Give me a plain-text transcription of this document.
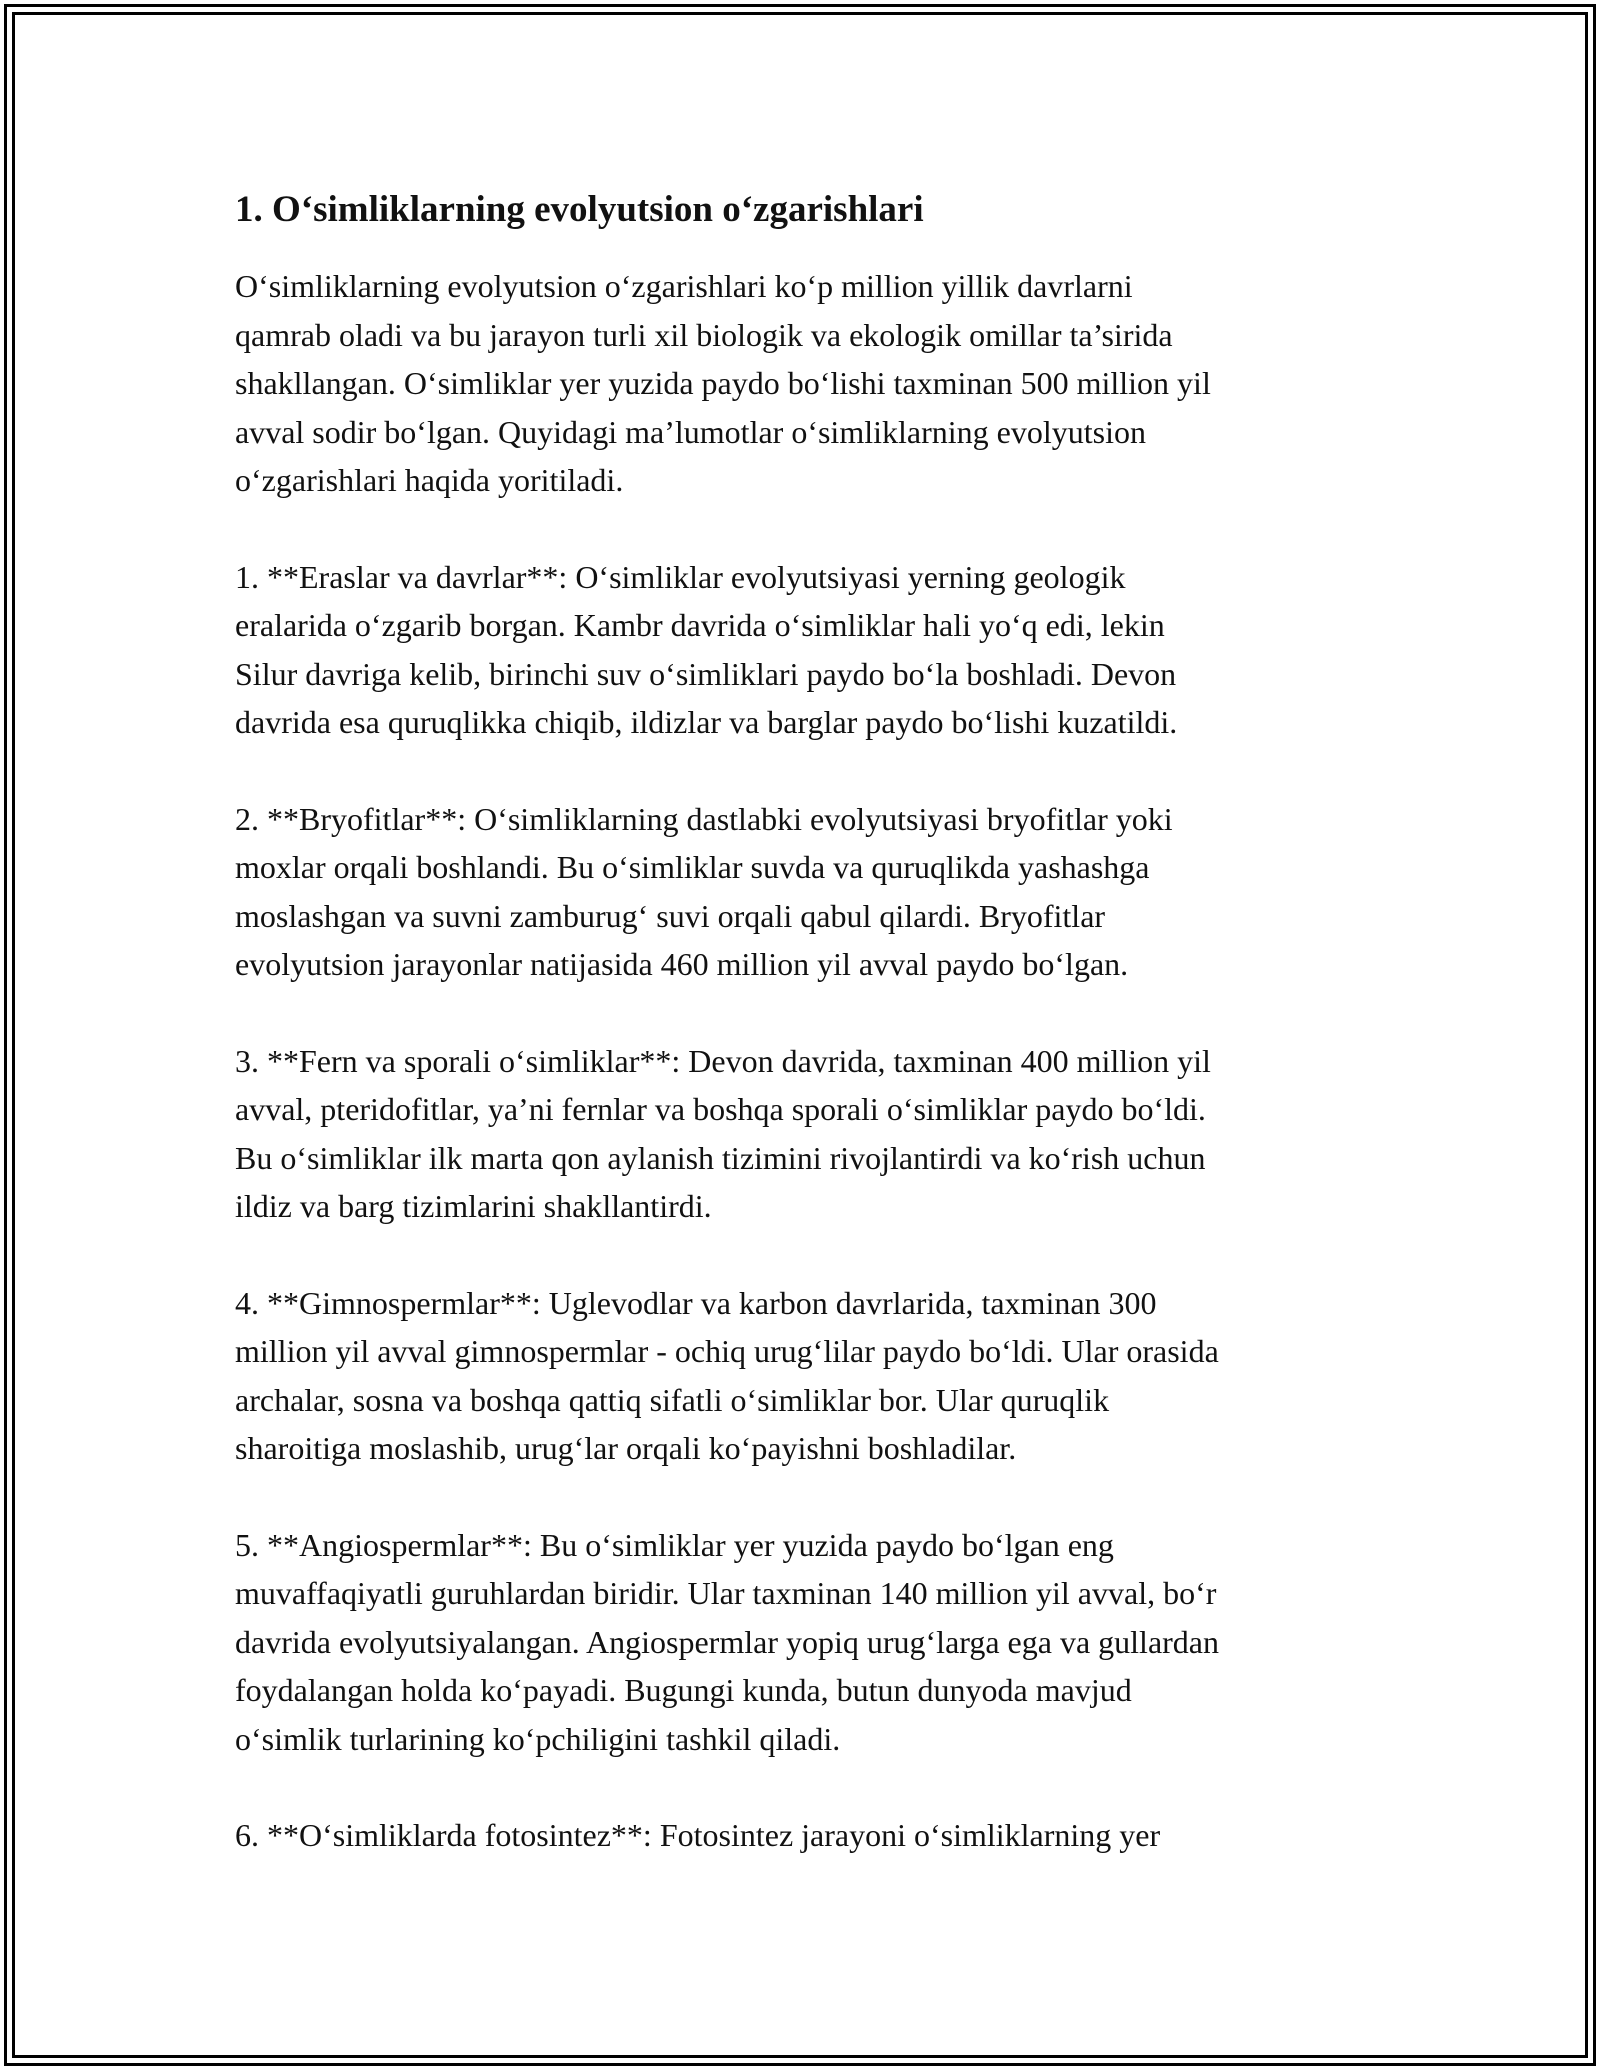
1. O‘simliklarning evolyutsion o‘zgarishlari
O‘simliklarning evolyutsion o‘zgarishlari ko‘p million yillik davrlarni
qamrab oladi va bu jarayon turli xil biologik va ekologik omillar ta’sirida
shakllangan. O‘simliklar yer yuzida paydo bo‘lishi taxminan 500 million yil
avval sodir bo‘lgan. Quyidagi ma’lumotlar o‘simliklarning evolyutsion
o‘zgarishlari haqida yoritiladi.
1. **Eraslar va davrlar**: O‘simliklar evolyutsiyasi yerning geologik
eralarida o‘zgarib borgan. Kambr davrida o‘simliklar hali yo‘q edi, lekin
Silur davriga kelib, birinchi suv o‘simliklari paydo bo‘la boshladi. Devon
davrida esa quruqlikka chiqib, ildizlar va barglar paydo bo‘lishi kuzatildi.
2. **Bryofitlar**: O‘simliklarning dastlabki evolyutsiyasi bryofitlar yoki
moxlar orqali boshlandi. Bu o‘simliklar suvda va quruqlikda yashashga
moslashgan va suvni zamburug‘ suvi orqali qabul qilardi. Bryofitlar
evolyutsion jarayonlar natijasida 460 million yil avval paydo bo‘lgan.
3. **Fern va sporali o‘simliklar**: Devon davrida, taxminan 400 million yil
avval, pteridofitlar, ya’ni fernlar va boshqa sporali o‘simliklar paydo bo‘ldi.
Bu o‘simliklar ilk marta qon aylanish tizimini rivojlantirdi va ko‘rish uchun
ildiz va barg tizimlarini shakllantirdi.
4. **Gimnospermlar**: Uglevodlar va karbon davrlarida, taxminan 300
million yil avval gimnospermlar - ochiq urug‘lilar paydo bo‘ldi. Ular orasida
archalar, sosna va boshqa qattiq sifatli o‘simliklar bor. Ular quruqlik
sharoitiga moslashib, urug‘lar orqali ko‘payishni boshladilar.
5. **Angiospermlar**: Bu o‘simliklar yer yuzida paydo bo‘lgan eng
muvaffaqiyatli guruhlardan biridir. Ular taxminan 140 million yil avval, bo‘r
davrida evolyutsiyalangan. Angiospermlar yopiq urug‘larga ega va gullardan
foydalangan holda ko‘payadi. Bugungi kunda, butun dunyoda mavjud
o‘simlik turlarining ko‘pchiligini tashkil qiladi.
6. **O‘simliklarda fotosintez**: Fotosintez jarayoni o‘simliklarning yer
